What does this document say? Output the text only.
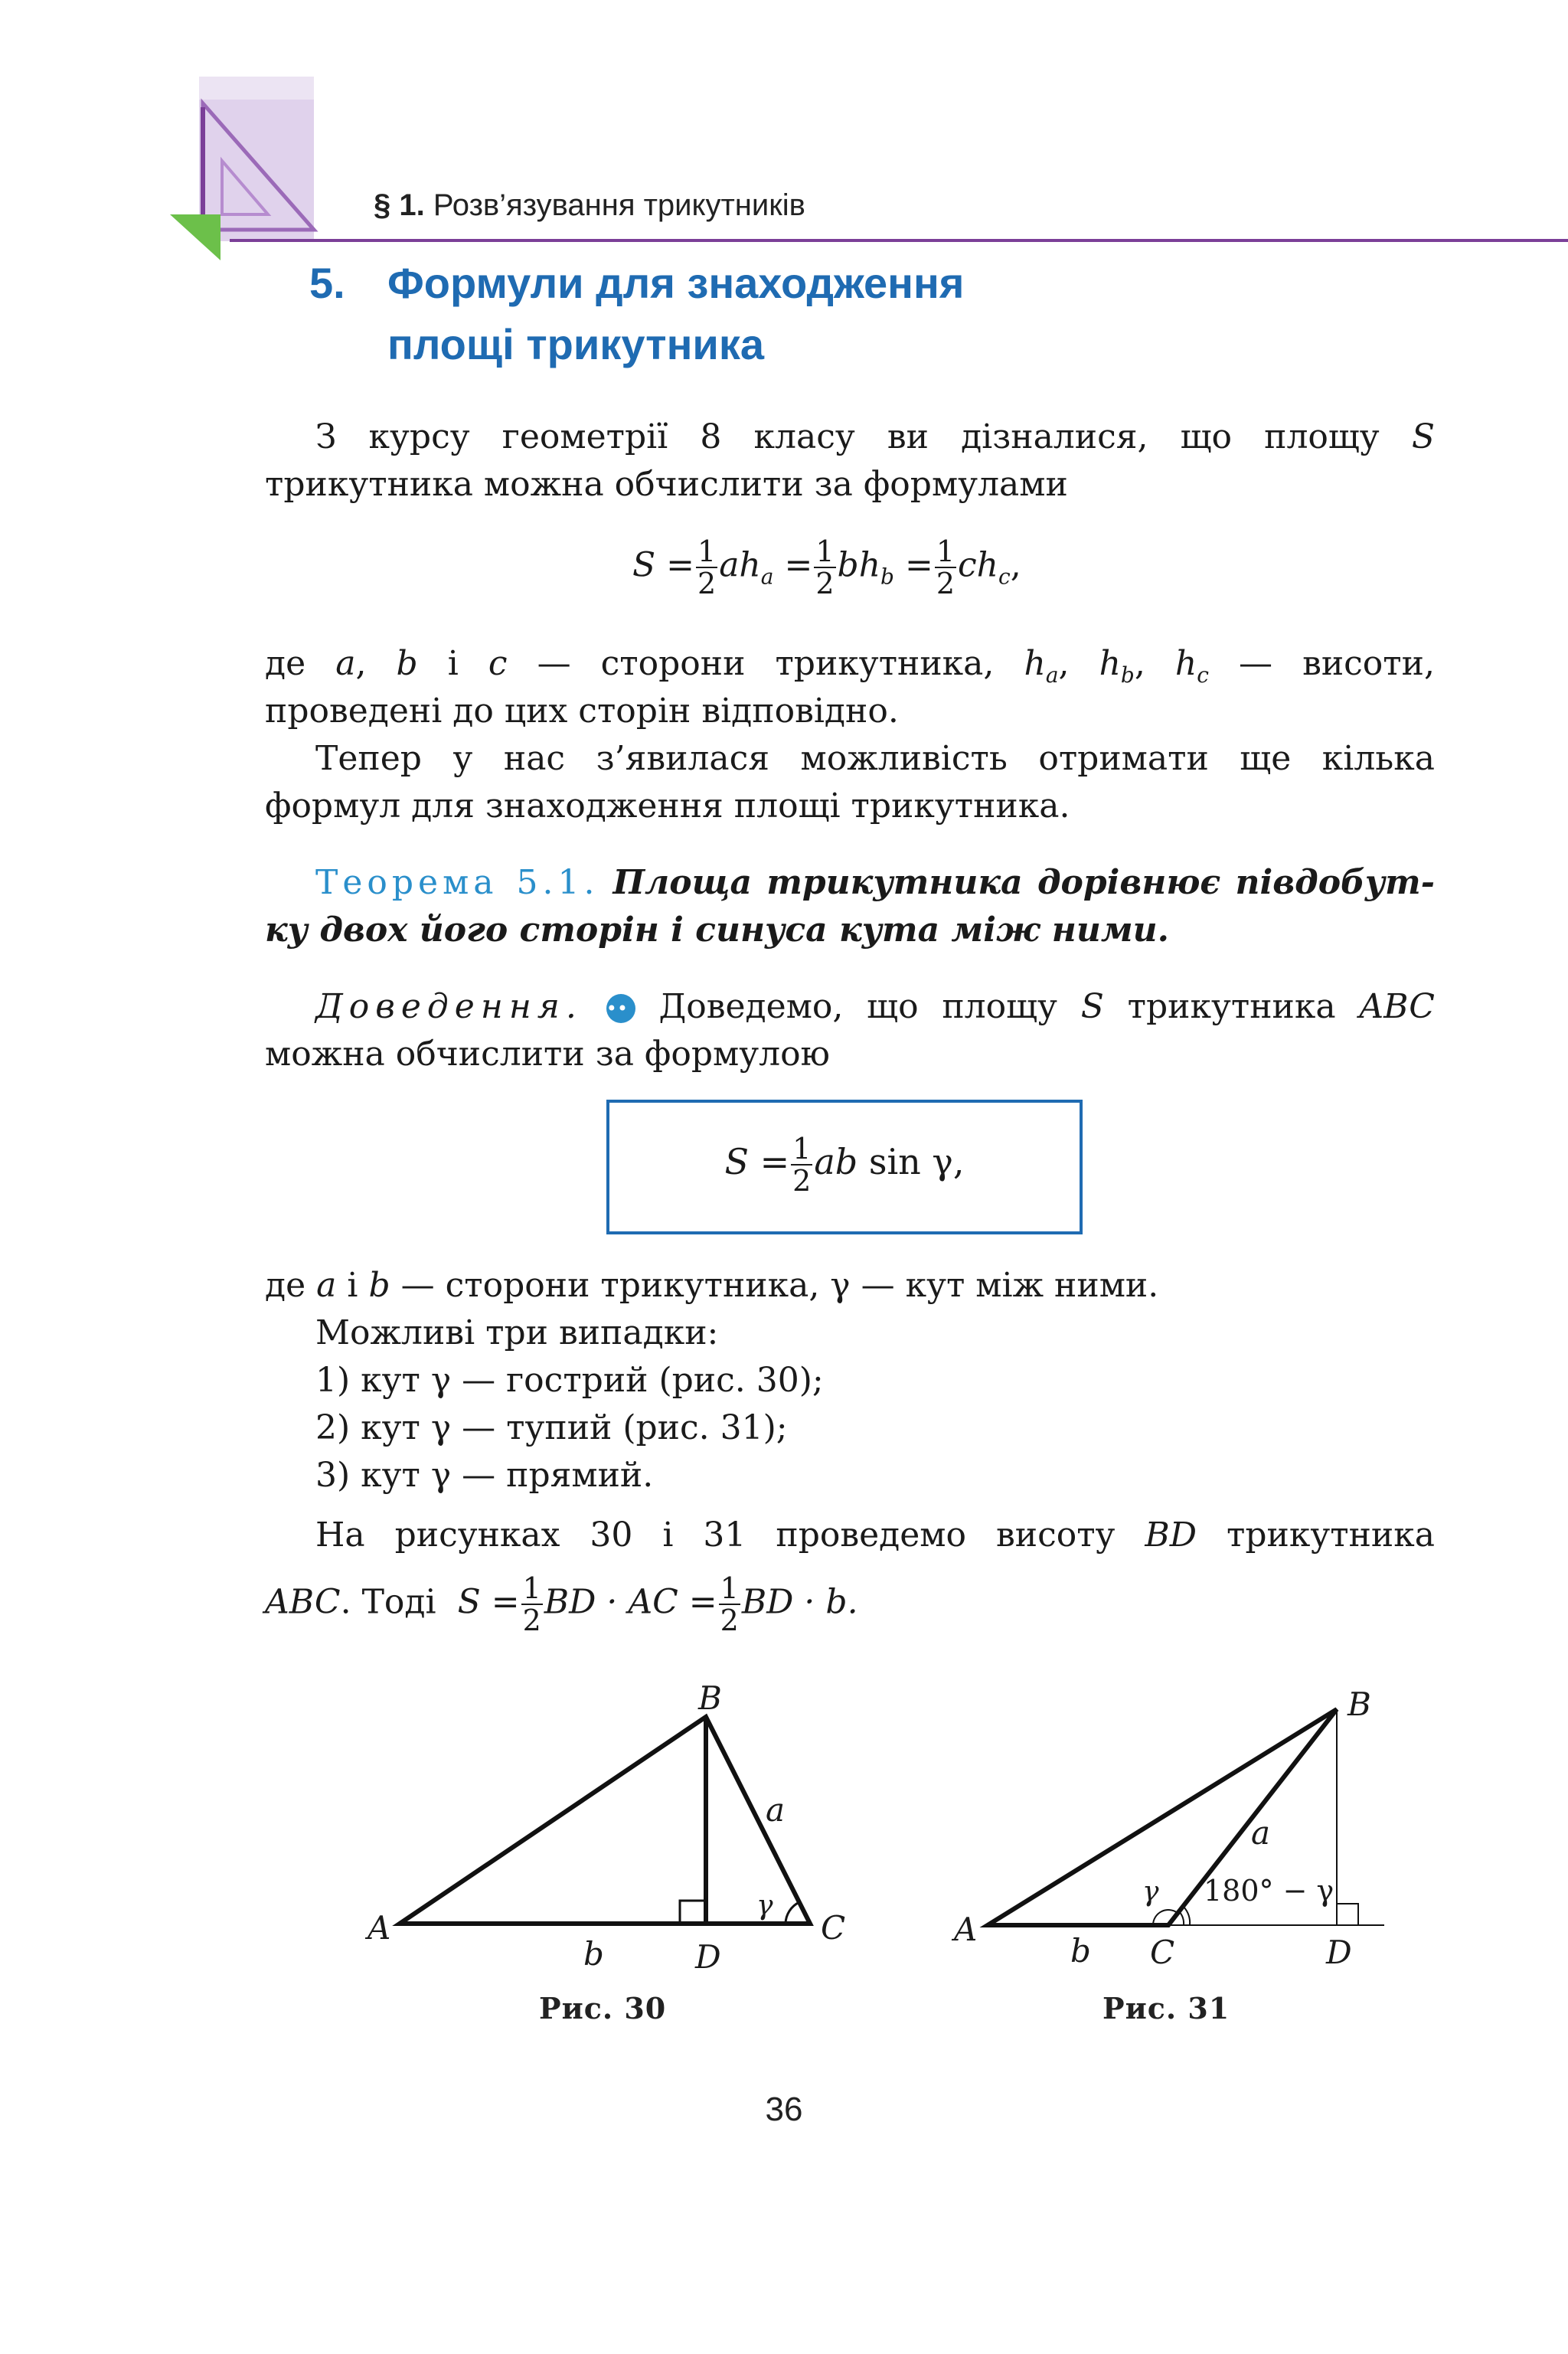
§ 1. Розв’язування трикутників
5. Формули для знаходження
площі трикутника
З курсу геометрії 8 класу ви дізналися, що площу S
трикутника можна обчислити за формулами
$S = \frac{1}{2} ah_a = \frac{1}{2} bh_b = \frac{1}{2} ch_c$,
де a, b і c — сторони трикутника, $h_a$, $h_b$, $h_c$ — висоти,
проведені до цих сторін відповідно.
Тепер у нас з’явилася можливість отримати ще кілька
формул для знаходження площі трикутника.
Теорема 5.1. Площа трикутника дорівнює півдобут-
ку двох його сторін і синуса кута між ними.
Доведення. •• Доведемо, що площу S трикутника ABC
можна обчислити за формулою
$S = \frac{1}{2}$ ab sin γ,
де a і b — сторони трикутника, γ — кут між ними.
Можливі три випадки:
1) кут γ — гострий (рис. 30);
2) кут γ — тупий (рис. 31);
3) кут γ — прямий.
На рисунках 30 і 31 проведемо висоту BD трикутника
ABC. Тоді $S = \frac{1}{2}$ BD · AC = $\frac{1}{2}$ BD · b.
B
A	C
D
b
a
γ
Рис. 30
B
A
C	D
b
a
γ 180° − γ
Рис. 31
36
